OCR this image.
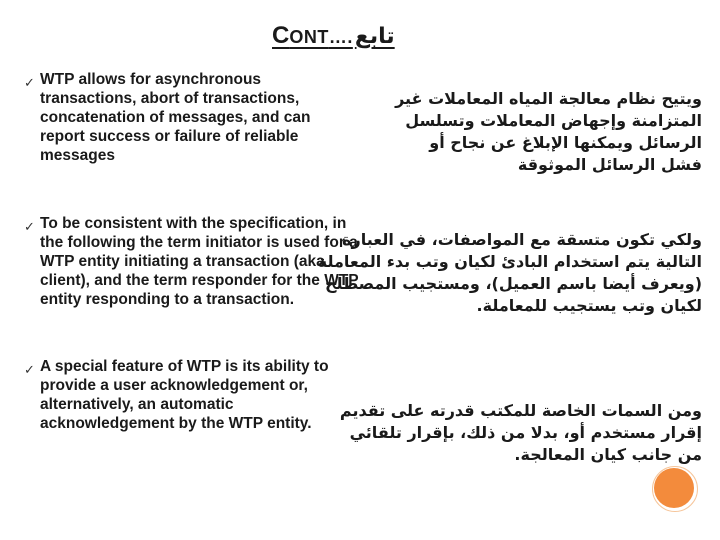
CONT….تابع
✓ WTP allows for asynchronous transactions, abort of transactions, concatenation of messages, and can report success or failure of reliable messages
ويتيح نظام معالجة المياه المعاملات غير
المتزامنة وإجهاض المعاملات وتسلسل
الرسائل ويمكنها الإبلاغ عن نجاح أو
فشل الرسائل الموثوقة
✓ To be consistent with the specification, in the following the term initiator is used for a WTP entity initiating a transaction (aka client), and the term responder for the WTP entity responding to a transaction.
ولكي تكون متسقة مع المواصفات، في العبارة
التالية يتم استخدام البادئ لكيان وتب بدء المعاملة
(ويعرف أيضا باسم العميل)، ومستجيب المصطلح
لكيان وتب يستجيب للمعاملة.
✓ A special feature of WTP is its ability to provide a user acknowledgement or, alternatively, an automatic acknowledgement by the WTP entity.
ومن السمات الخاصة للمكتب قدرته على تقديم
إقرار مستخدم أو، بدلا من ذلك، بإقرار تلقائي
من جانب كيان المعالجة.
